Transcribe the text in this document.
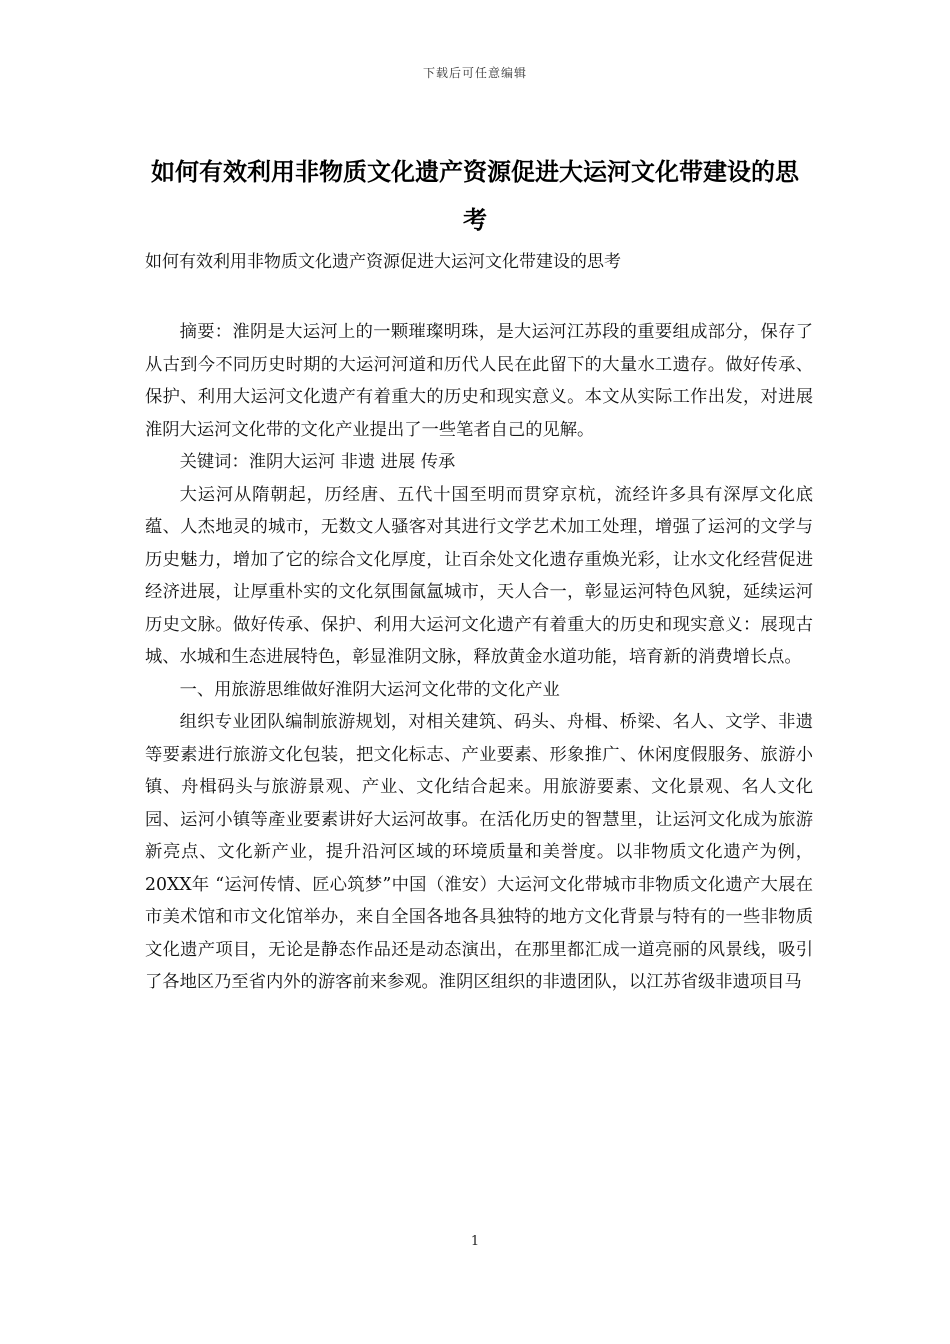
下载后可任意编辑
如何有效利用非物质文化遗产资源促进大运河文化带建设的思考

如何有效利用非物质文化遗产资源促进大运河文化带建设的思考

摘要：淮阴是大运河上的一颗璀璨明珠，是大运河江苏段的重要组成部分，保存了从古到今不同历史时期的大运河河道和历代人民在此留下的大量水工遗存。做好传承、保护、利用大运河文化遗产有着重大的历史和现实意义。本文从实际工作出发，对进展淮阴大运河文化带的文化产业提出了一些笔者自己的见解。

关键词：淮阴大运河 非遗 进展 传承

大运河从隋朝起，历经唐、五代十国至明而贯穿京杭，流经许多具有深厚文化底蕴、人杰地灵的城市，无数文人骚客对其进行文学艺术加工处理，增强了运河的文学与历史魅力，增加了它的综合文化厚度，让百余处文化遗存重焕光彩，让水文化经营促进经济进展，让厚重朴实的文化氛围氤氲城市，天人合一，彰显运河特色风貌，延续运河历史文脉。做好传承、保护、利用大运河文化遗产有着重大的历史和现实意义：展现古城、水城和生态进展特色，彰显淮阴文脉，释放黄金水道功能，培育新的消费增长点。

一、用旅游思维做好淮阴大运河文化带的文化产业

组织专业团队编制旅游规划，对相关建筑、码头、舟楫、桥梁、名人、文学、非遗等要素进行旅游文化包装，把文化标志、产业要素、形象推广、休闲度假服务、旅游小镇、舟楫码头与旅游景观、产业、文化结合起来。用旅游要素、文化景观、名人文化园、运河小镇等產业要素讲好大运河故事。在活化历史的智慧里，让运河文化成为旅游新亮点、文化新产业，提升沿河区域的环境质量和美誉度。以非物质文化遗产为例，20XX年 “运河传情、匠心筑梦”中国（淮安）大运河文化带城市非物质文化遗产大展在市美术馆和市文化馆举办，来自全国各地各具独特的地方文化背景与特有的一些非物质文化遗产项目，无论是静态作品还是动态演出，在那里都汇成一道亮丽的风景线，吸引了各地区乃至省内外的游客前来参观。淮阴区组织的非遗团队，以江苏省级非遗项目马

1
